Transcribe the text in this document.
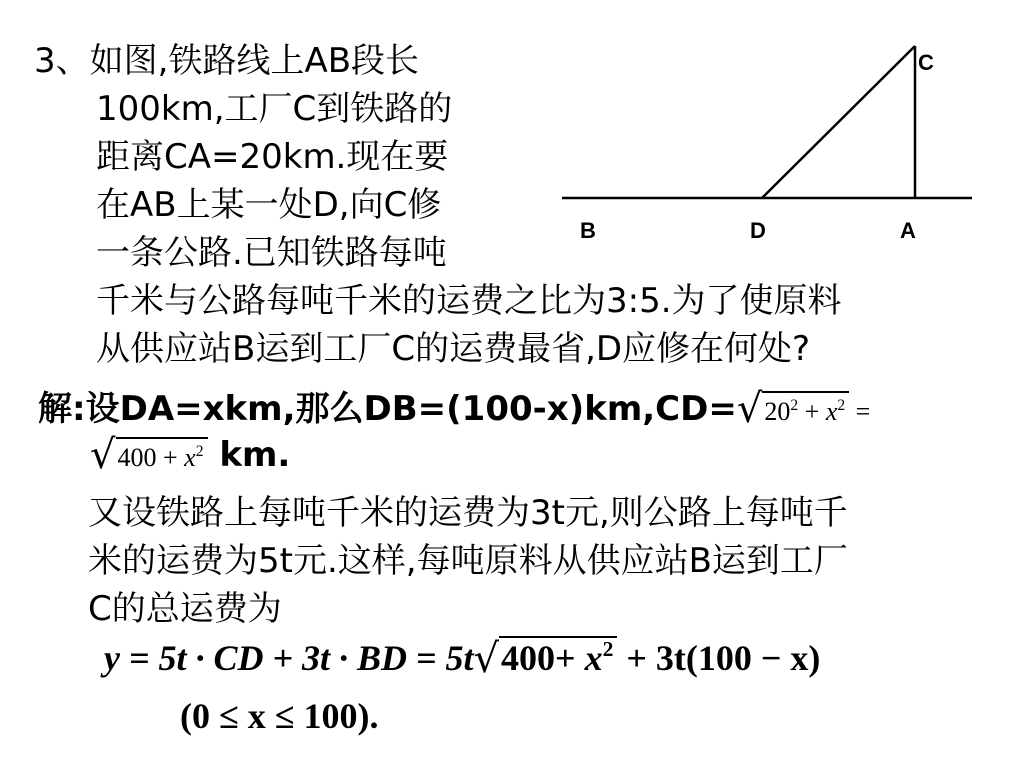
3、如图,铁路线上AB段长
100km,工厂C到铁路的
距离CA=20km.现在要
在AB上某一处D,向C修
一条公路.已知铁路每吨
千米与公路每吨千米的运费之比为3:5.为了使原料
从供应站B运到工厂C的运费最省,D应修在何处?
C
B	D	A
解:设DA=xkm,那么$DB=(100-x)km,CD=√20^2 + x^2$ =
$√400 + x^2$ km.
又设铁路上每吨千米的运费为3t元,则公路上每吨千
米的运费为5t元.这样,每吨原料从供应站B运到工厂
C的总运费为
y = 5t · CD + 3t · BD = $5t√400+ x^2 + 3t(100 - x)$
(0 ≤ x ≤ 100).
